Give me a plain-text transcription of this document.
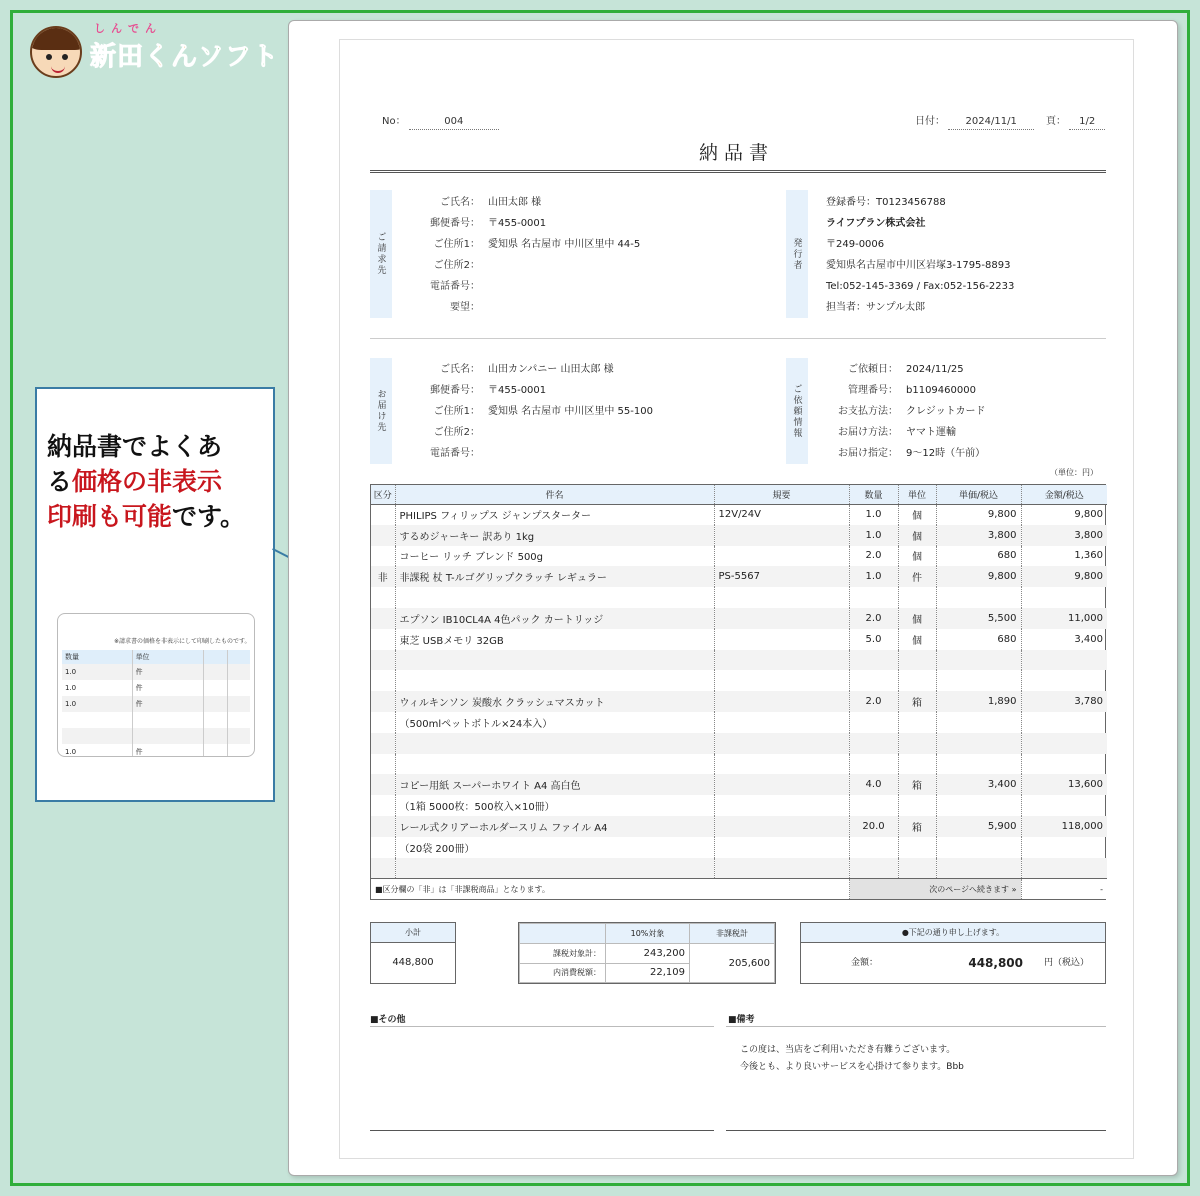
しんでん
新田くんソフト
納品書でよくあ
る価格の非表示
印刷も可能です。
※請求書の価格を非表示にして印刷したものです。
数量	単位		
1.0	件		
1.0	件		
1.0	件		

1.0	件		
No：	004	日付： 2024/11/1	頁： 1/2
納品書
ご請求先
ご氏名： 山田太郎 様
郵便番号： 〒455-0001
ご住所1： 愛知県 名古屋市 中川区里中 44-5
ご住所2：
電話番号：
要望：
発行者
登録番号：T0123456788
ライフプラン株式会社
〒249-0006
愛知県名古屋市中川区岩塚3-1795-8893
Tel:052-145-3369 / Fax:052-156-2233
担当者：サンプル太郎
お届け先
ご氏名： 山田カンパニー 山田太郎 様
郵便番号： 〒455-0001
ご住所1： 愛知県 名古屋市 中川区里中 55-100
ご住所2：
電話番号：
ご依頼情報
ご依頼日： 2024/11/25
管理番号： b1109460000
お支払方法： クレジットカード
お届け方法： ヤマト運輸
お届け指定： 9～12時（午前）
（単位：円）
区分	件名	規要	数量	単位	単価/税込	金額/税込
	PHILIPS フィリップス ジャンプスターター	12V/24V	1.0	個	9,800	9,800
	するめジャーキー 訳あり 1kg		1.0	個	3,800	3,800
	コーヒー リッチ ブレンド 500g		2.0	個	680	1,360
非	非課税 杖 T-ルゴグリップクラッチ レギュラー	PS-5567	1.0	件	9,800	9,800

	エプソン IB10CL4A 4色パック カートリッジ		2.0	個	5,500	11,000
	東芝 USBメモリ 32GB		5.0	個	680	3,400

	ウィルキンソン 炭酸水 クラッシュマスカット		2.0	箱	1,890	3,780
	（500mlペットボトル×24本入）					

	コピー用紙 スーパーホワイト A4 高白色		4.0	箱	3,400	13,600
	（1箱 5000枚：500枚入×10冊）					
	レール式クリアーホルダースリム ファイル A4		20.0	箱	5,900	118,000
	（20袋 200冊）					

■区分欄の「非」は「非課税商品」となります。			次のページへ続きます »			-
小計
448,800
	10%対象	非課税計
課税対象計：	243,200	205,600
内消費税額：	22,109	
●下記の通り申し上げます。
金額：	448,800 円（税込）
■その他	■備考
この度は、当店をご利用いただき有難うございます。
今後とも、より良いサービスを心掛けて参ります。Bbb
